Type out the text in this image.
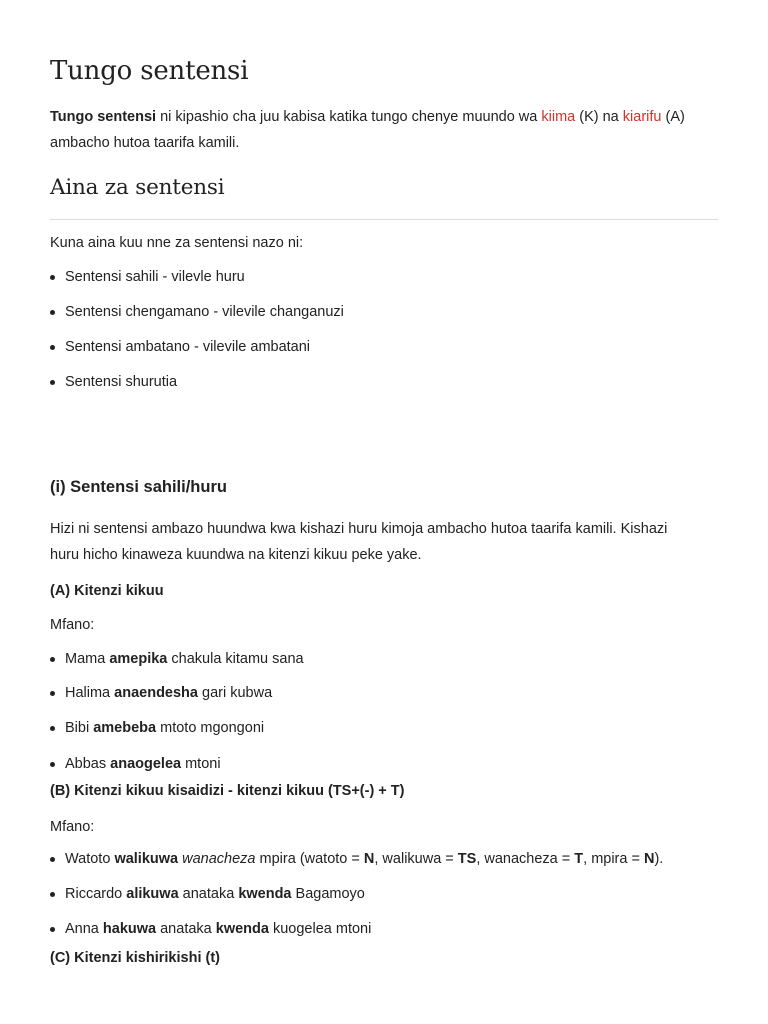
Tungo sentensi
Tungo sentensi ni kipashio cha juu kabisa katika tungo chenye muundo wa kiima (K) na kiarifu (A)
ambacho hutoa taarifa kamili.
Aina za sentensi
Kuna aina kuu nne za sentensi nazo ni:
Sentensi sahili - vilevle huru
Sentensi chengamano - vilevile changanuzi
Sentensi ambatano - vilevile ambatani
Sentensi shurutia
(i) Sentensi sahili/huru
Hizi ni sentensi ambazo huundwa kwa kishazi huru kimoja ambacho hutoa taarifa kamili. Kishazi
huru hicho kinaweza kuundwa na kitenzi kikuu peke yake.
(A) Kitenzi kikuu
Mfano:
Mama amepika chakula kitamu sana
Halima anaendesha gari kubwa
Bibi amebeba mtoto mgongoni
Abbas anaogelea mtoni
(B) Kitenzi kikuu kisaidizi - kitenzi kikuu (TS+(-) + T)
Mfano:
Watoto walikuwa wanacheza mpira (watoto = N, walikuwa = TS, wanacheza = T, mpira = N).
Riccardo alikuwa anataka kwenda Bagamoyo
Anna hakuwa anataka kwenda kuogelea mtoni
(C) Kitenzi kishirikishi (t)
